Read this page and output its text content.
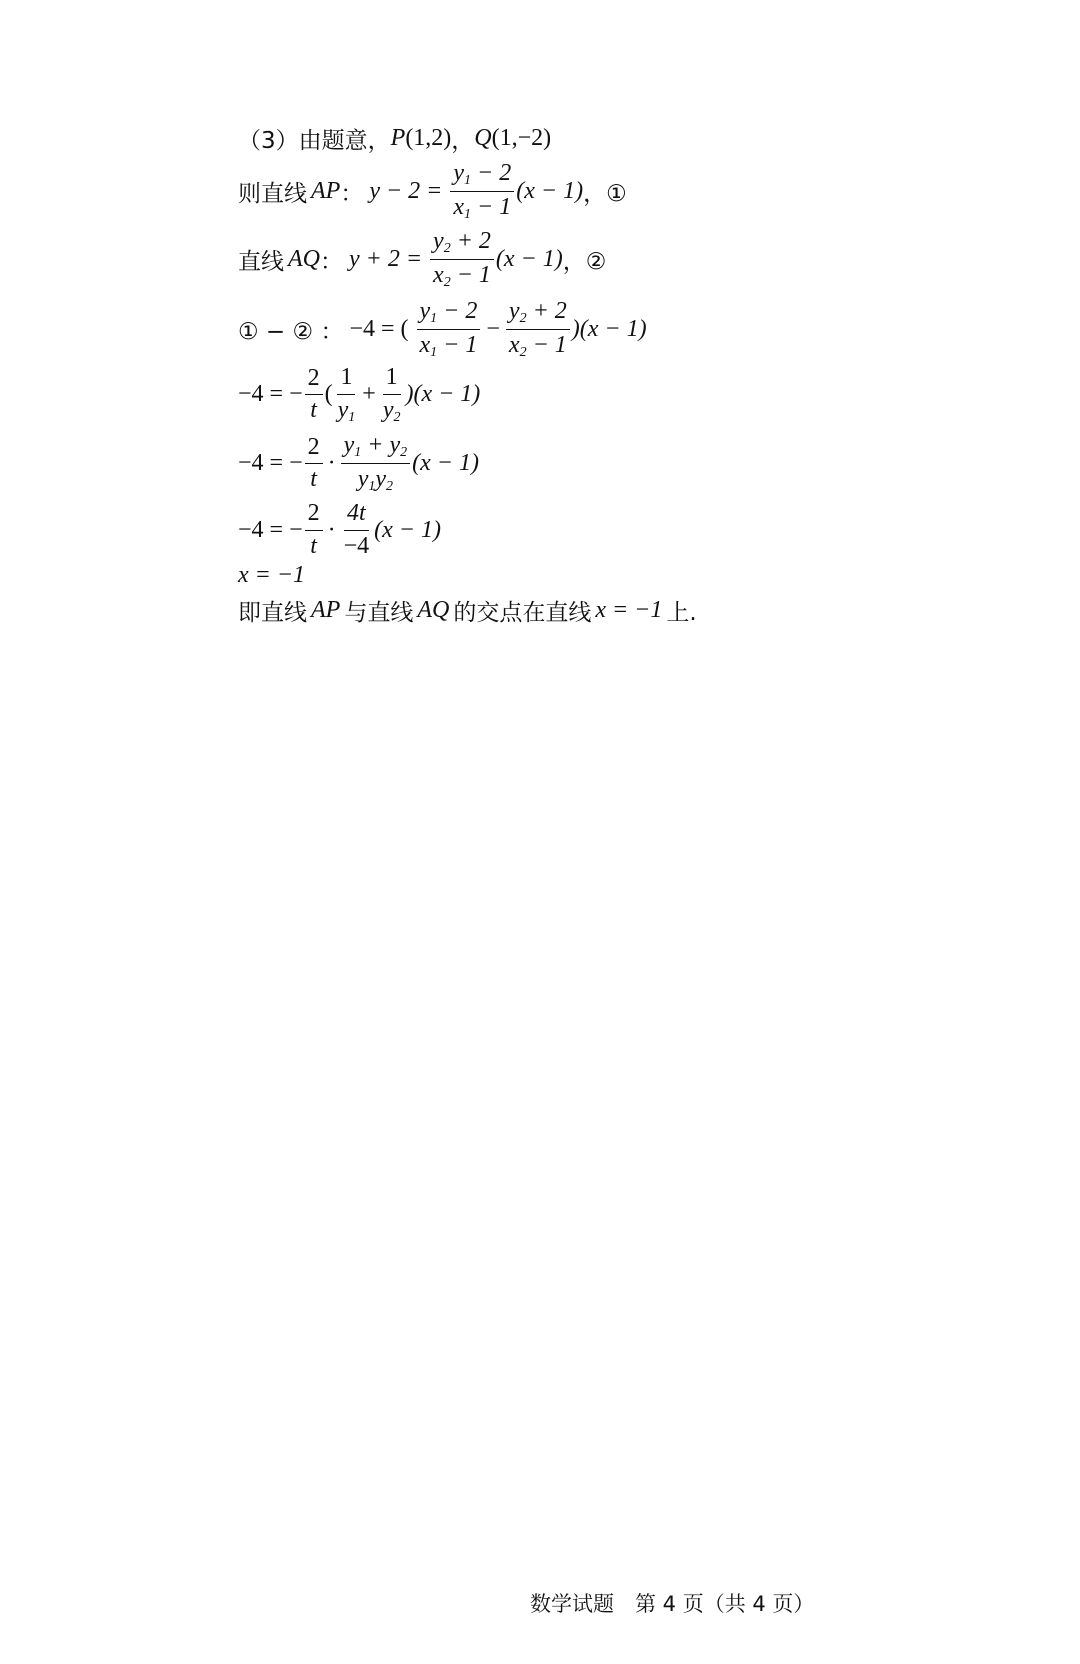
（3）由题意， P (1,2) ， Q (1,−2)
则直线 AP ： $y - 2 = \frac{y_1 - 2}{x_1 - 1} (x - 1)$ ，①
直线 AQ ： $y + 2 = \frac{y_2 + 2}{x_2 - 1} (x - 1)$ ，②
① − ② ： −4 = ( $\frac{y_1 - 2}{x_1 - 1} - \frac{y_2 + 2}{x_2 - 1} )(x - 1)$
−4 = − $\frac{2}{t}$ ( $\frac{1}{y_1} + \frac{1}{y_2} )(x - 1)$
−4 = − $\frac{2}{t} \cdot \frac{y_1 + y_2}{y_1y_2} (x - 1)$
−4 = − $\frac{2}{t} \cdot \frac{4t}{-4} (x - 1)$
x = −1
即直线 AP 与直线 AQ 的交点在直线 x = −1 上.
数学试题　第 4 页（共 4 页）
